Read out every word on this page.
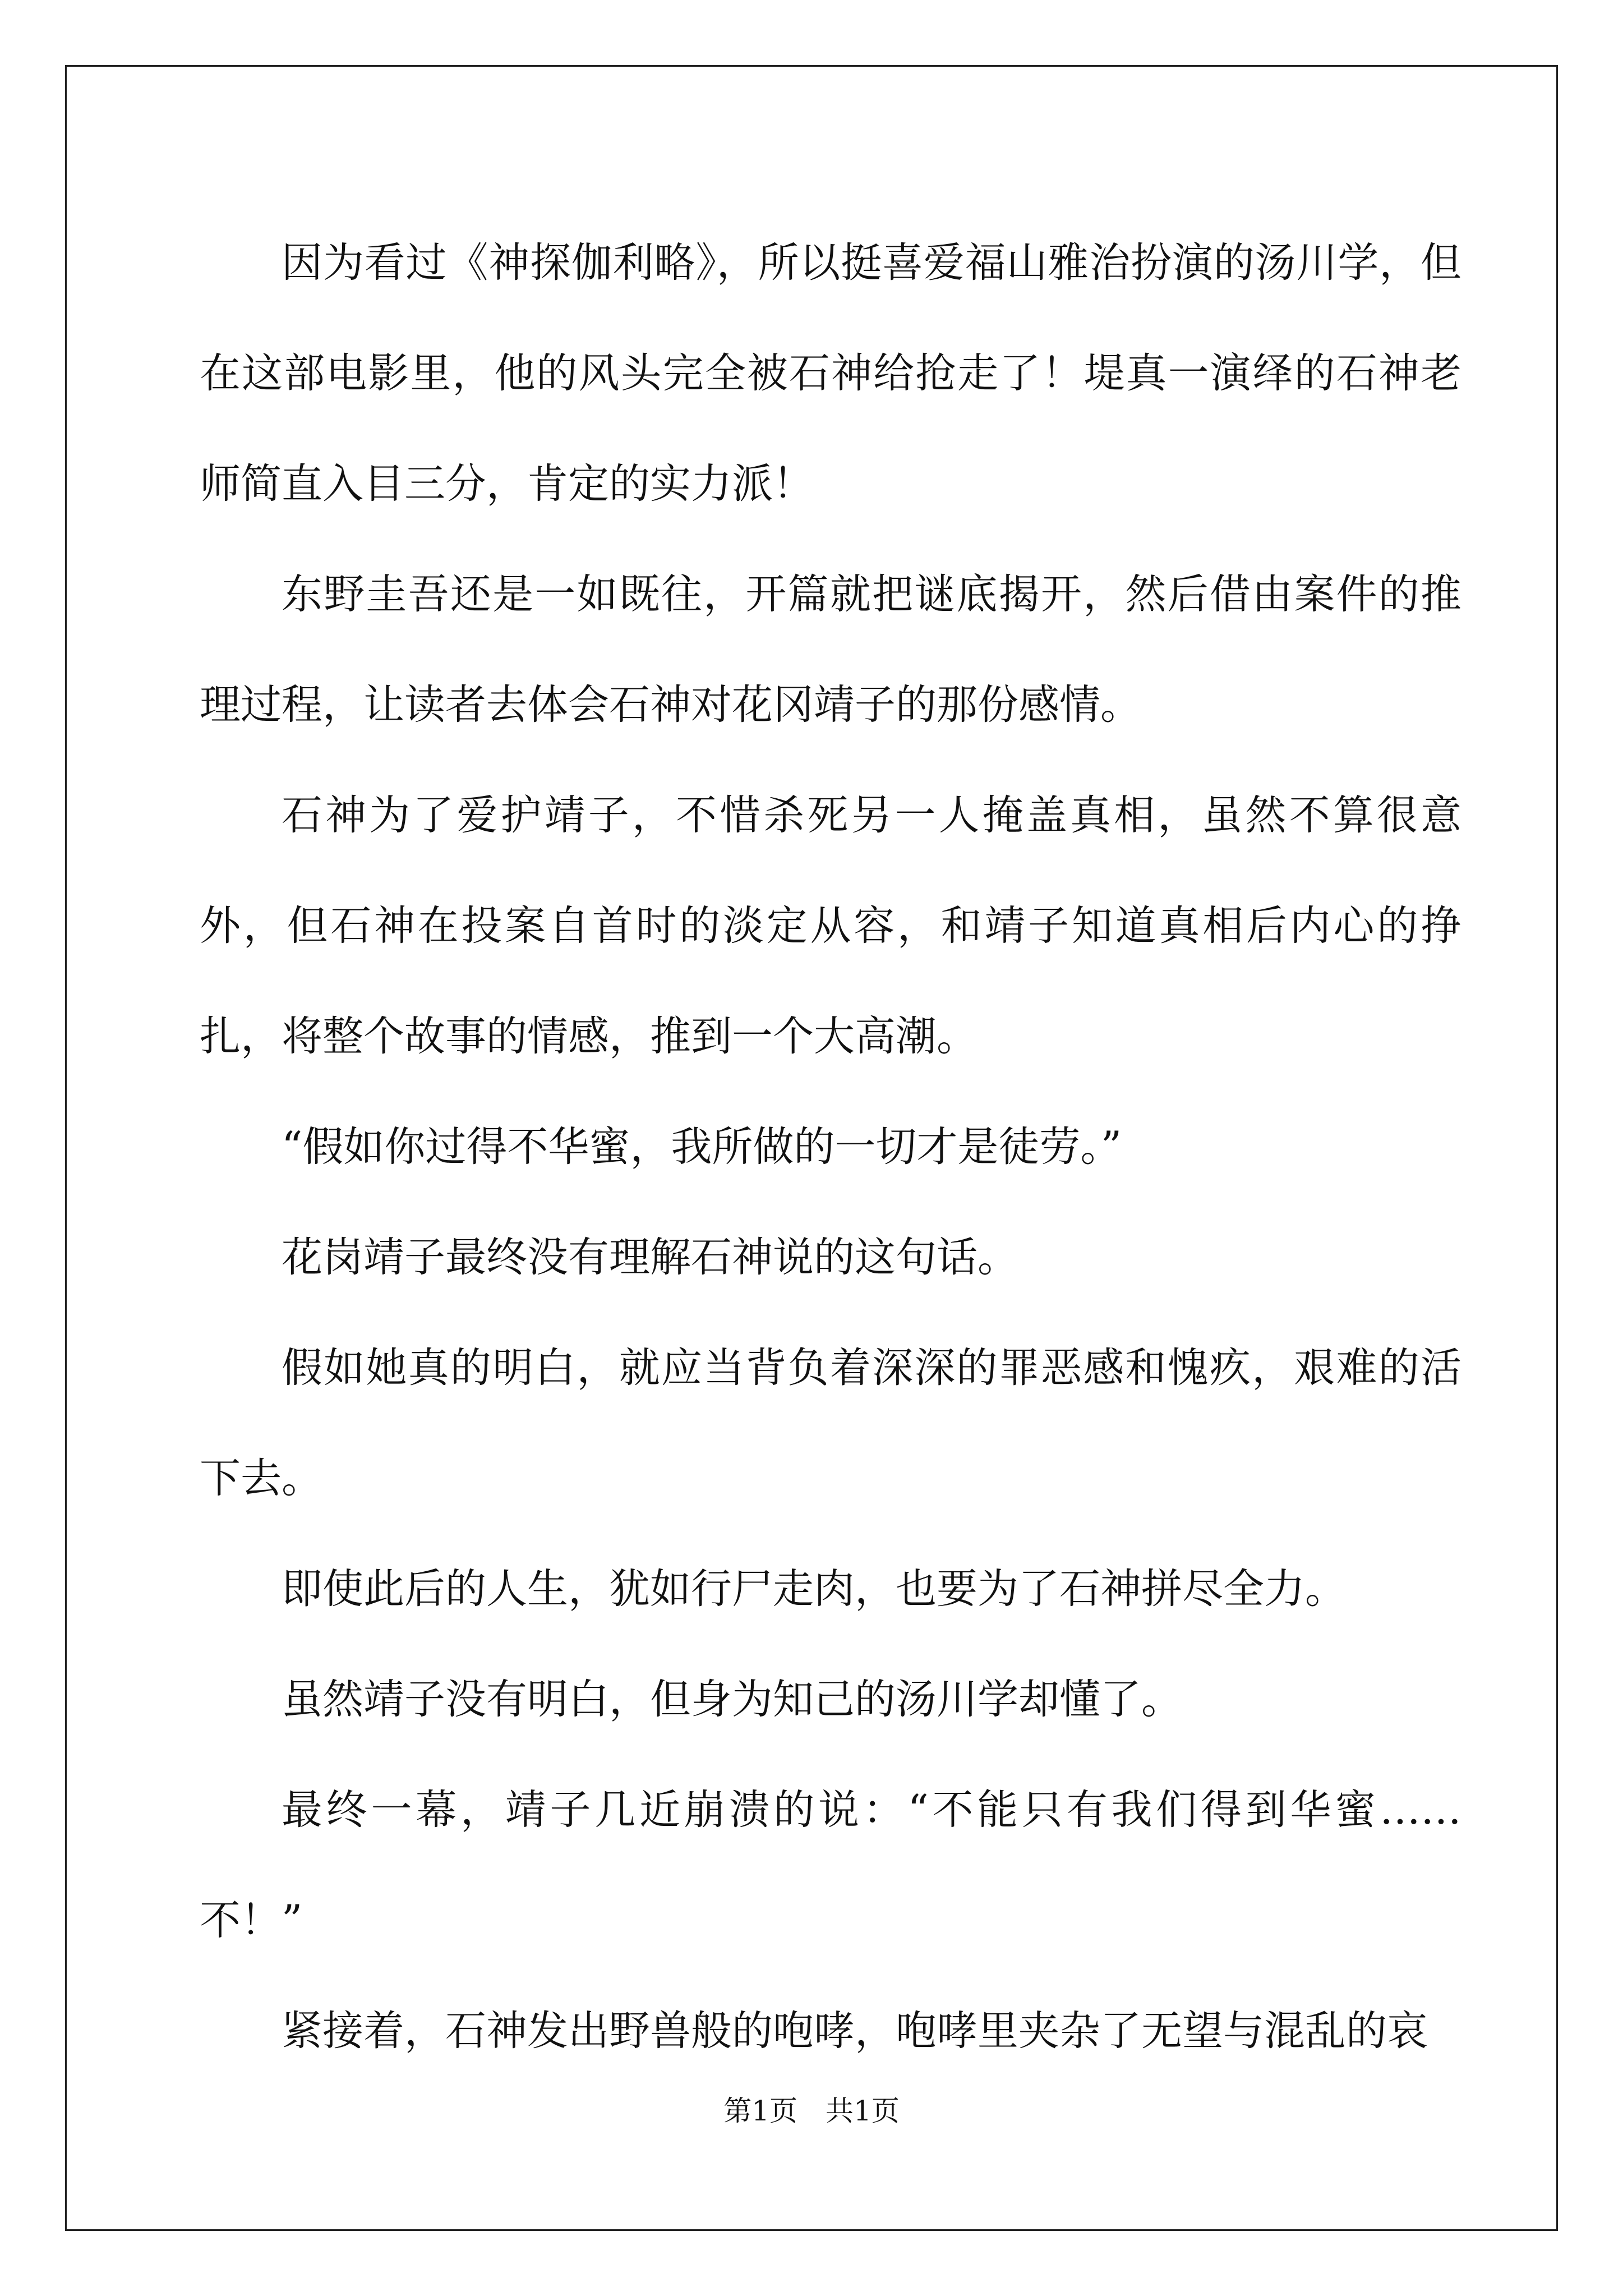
因为看过《神探伽利略》，所以挺喜爱福山雅治扮演的汤川学，但在这部电影里，他的风头完全被石神给抢走了！堤真一演绎的石神老师简直入目三分，肯定的实力派！

东野圭吾还是一如既往，开篇就把谜底揭开，然后借由案件的推理过程，让读者去体会石神对花冈靖子的那份感情。

石神为了爱护靖子，不惜杀死另一人掩盖真相，虽然不算很意外，但石神在投案自首时的淡定从容，和靖子知道真相后内心的挣扎，将整个故事的情感，推到一个大高潮。

“假如你过得不华蜜，我所做的一切才是徒劳。”

花岗靖子最终没有理解石神说的这句话。

假如她真的明白，就应当背负着深深的罪恶感和愧疚，艰难的活下去。

即使此后的人生，犹如行尸走肉，也要为了石神拼尽全力。

虽然靖子没有明白，但身为知己的汤川学却懂了。

最终一幕，靖子几近崩溃的说：“不能只有我们得到华蜜……不！”

紧接着，石神发出野兽般的咆哮，咆哮里夹杂了无望与混乱的哀

第1页　共1页
